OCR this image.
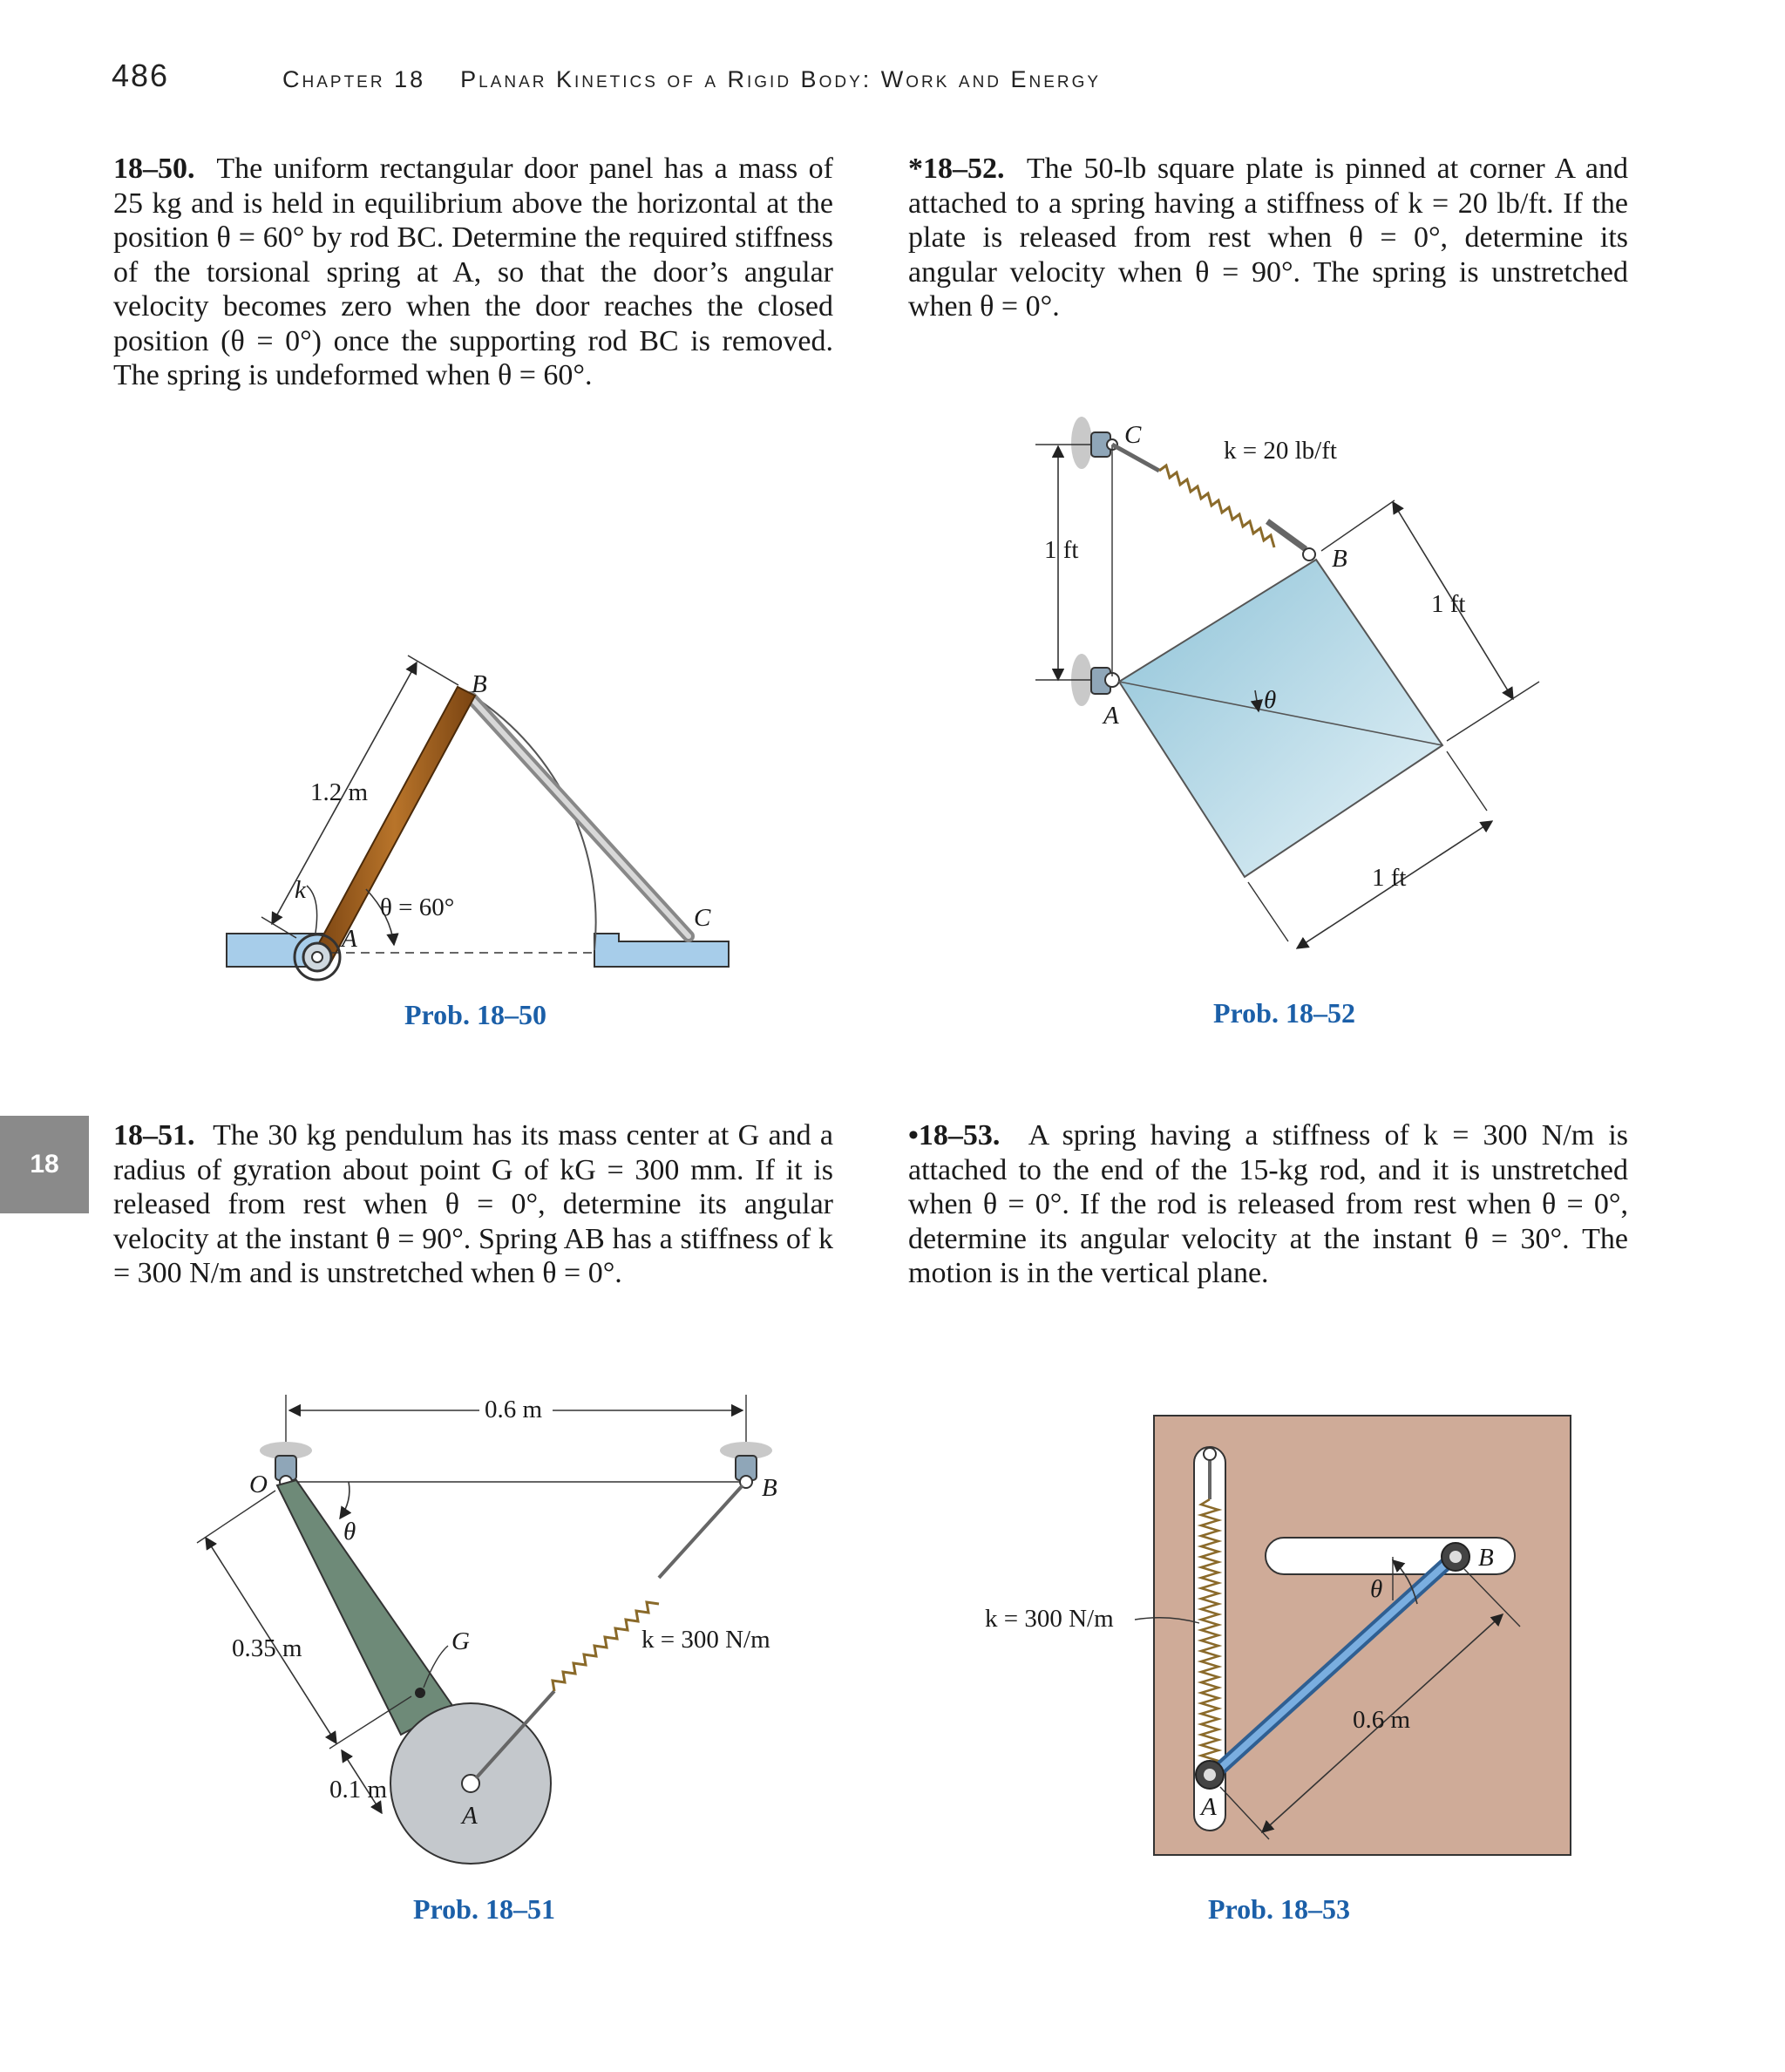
486	Chapter 18 Planar Kinetics of a Rigid Body: Work and Energy
18
18–50. The uniform rectangular door panel has a mass of 25 kg and is held in equilibrium above the horizontal at the position θ = 60° by rod BC. Determine the required stiffness of the torsional spring at A, so that the door’s angular velocity becomes zero when the door reaches the closed position (θ = 0°) once the supporting rod BC is removed. The spring is undeformed when θ = 60°.
*18–52. The 50-lb square plate is pinned at corner A and attached to a spring having a stiffness of k = 20 lb/ft. If the plate is released from rest when θ = 0°, determine its angular velocity when θ = 90°. The spring is unstretched when θ = 0°.
18–51. The 30 kg pendulum has its mass center at G and a radius of gyration about point G of kG = 300 mm. If it is released from rest when θ = 0°, determine its angular velocity at the instant θ = 90°. Spring AB has a stiffness of k = 300 N/m and is unstretched when θ = 0°.
•18–53. A spring having a stiffness of k = 300 N/m is attached to the end of the 15-kg rod, and it is unstretched when θ = 0°. If the rod is released from rest when θ = 0°, determine its angular velocity at the instant θ = 30°. The motion is in the vertical plane.
Prob. 18–50	Prob. 18–52
Prob. 18–51	Prob. 18–53
B
C
A
k
1.2 m
θ = 60°
C
B
A
k = 20 lb/ft
1 ft
1 ft
1 ft
θ
O	B
θ
G
A
0.6 m
0.35 m
0.1 m
k = 300 N/m
B
A
θ
0.6 m
k = 300 N/m
